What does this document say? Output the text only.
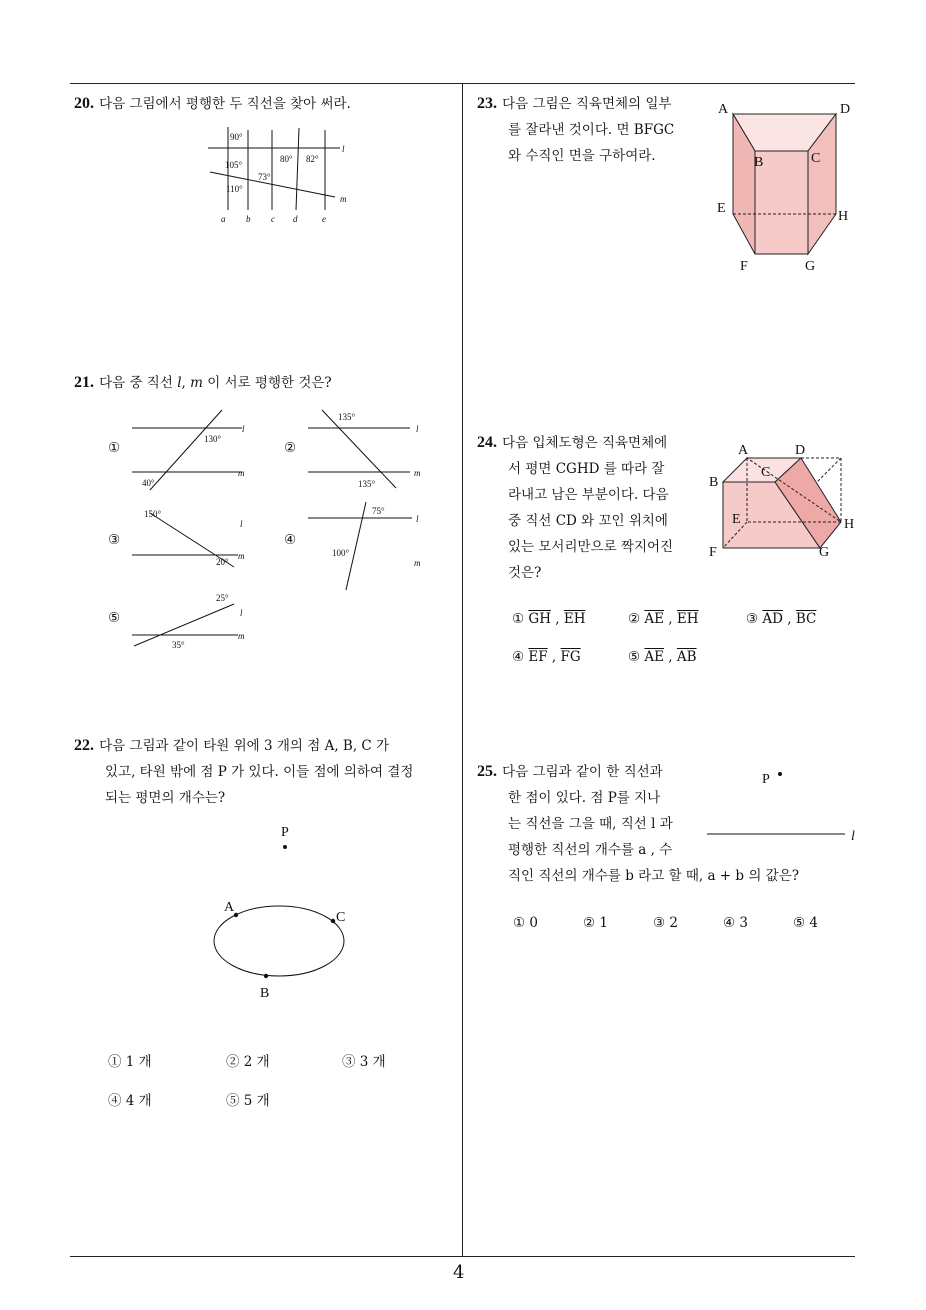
4
20. 다음 그림에서 평행한 두 직선을 찾아 써라.
90°
105°
80° 82°
73°
110°
l
m
a b c d	e
21. 다음 중 직선 l, m 이 서로 평행한 것은?
①	②
③	④
⑤
130°
40°
l
m
135°
135°
l
m
150°
20°
l
m
75°
100°
l
m
25°
35°
l
m
22. 다음 그림과 같이 타원 위에 3 개의 점 A, B, C 가
있고, 타원 밖에 점 P 가 있다. 이들 점에 의하여 결정
되는 평면의 개수는?
P
A
C
B
① 1 개	② 2 개	③ 3 개
④ 4 개	⑤ 5 개
23. 다음 그림은 직육면체의 일부
를 잘라낸 것이다. 면 BFGC
와 수직인 면을 구하여라.
A	D
B	C
E
H
F	G
24. 다음 입체도형은 직육면체에
서 평면 CGHD 를 따라 잘
라내고 남은 부분이다. 다음
중 직선 CD 와 꼬인 위치에
있는 모서리만으로 짝지어진
것은?
A	D
C
B
E	H
F	G
① $\overline{GH}$ , $\overline{EH}$	② $\overline{AE}$ , $\overline{EH}$	③ $\overline{AD}$ , $\overline{BC}$
④ $\overline{EF}$ , $\overline{FG}$	⑤ $\overline{AE}$ , $\overline{AB}$
25. 다음 그림과 같이 한 직선과
한 점이 있다. 점 P를 지나
는 직선을 그을 때, 직선 l 과
평행한 직선의 개수를 a , 수
직인 직선의 개수를 b 라고 할 때, a + b 의 값은?
P
l
① 0	② 1	③ 2	④ 3	⑤ 4
